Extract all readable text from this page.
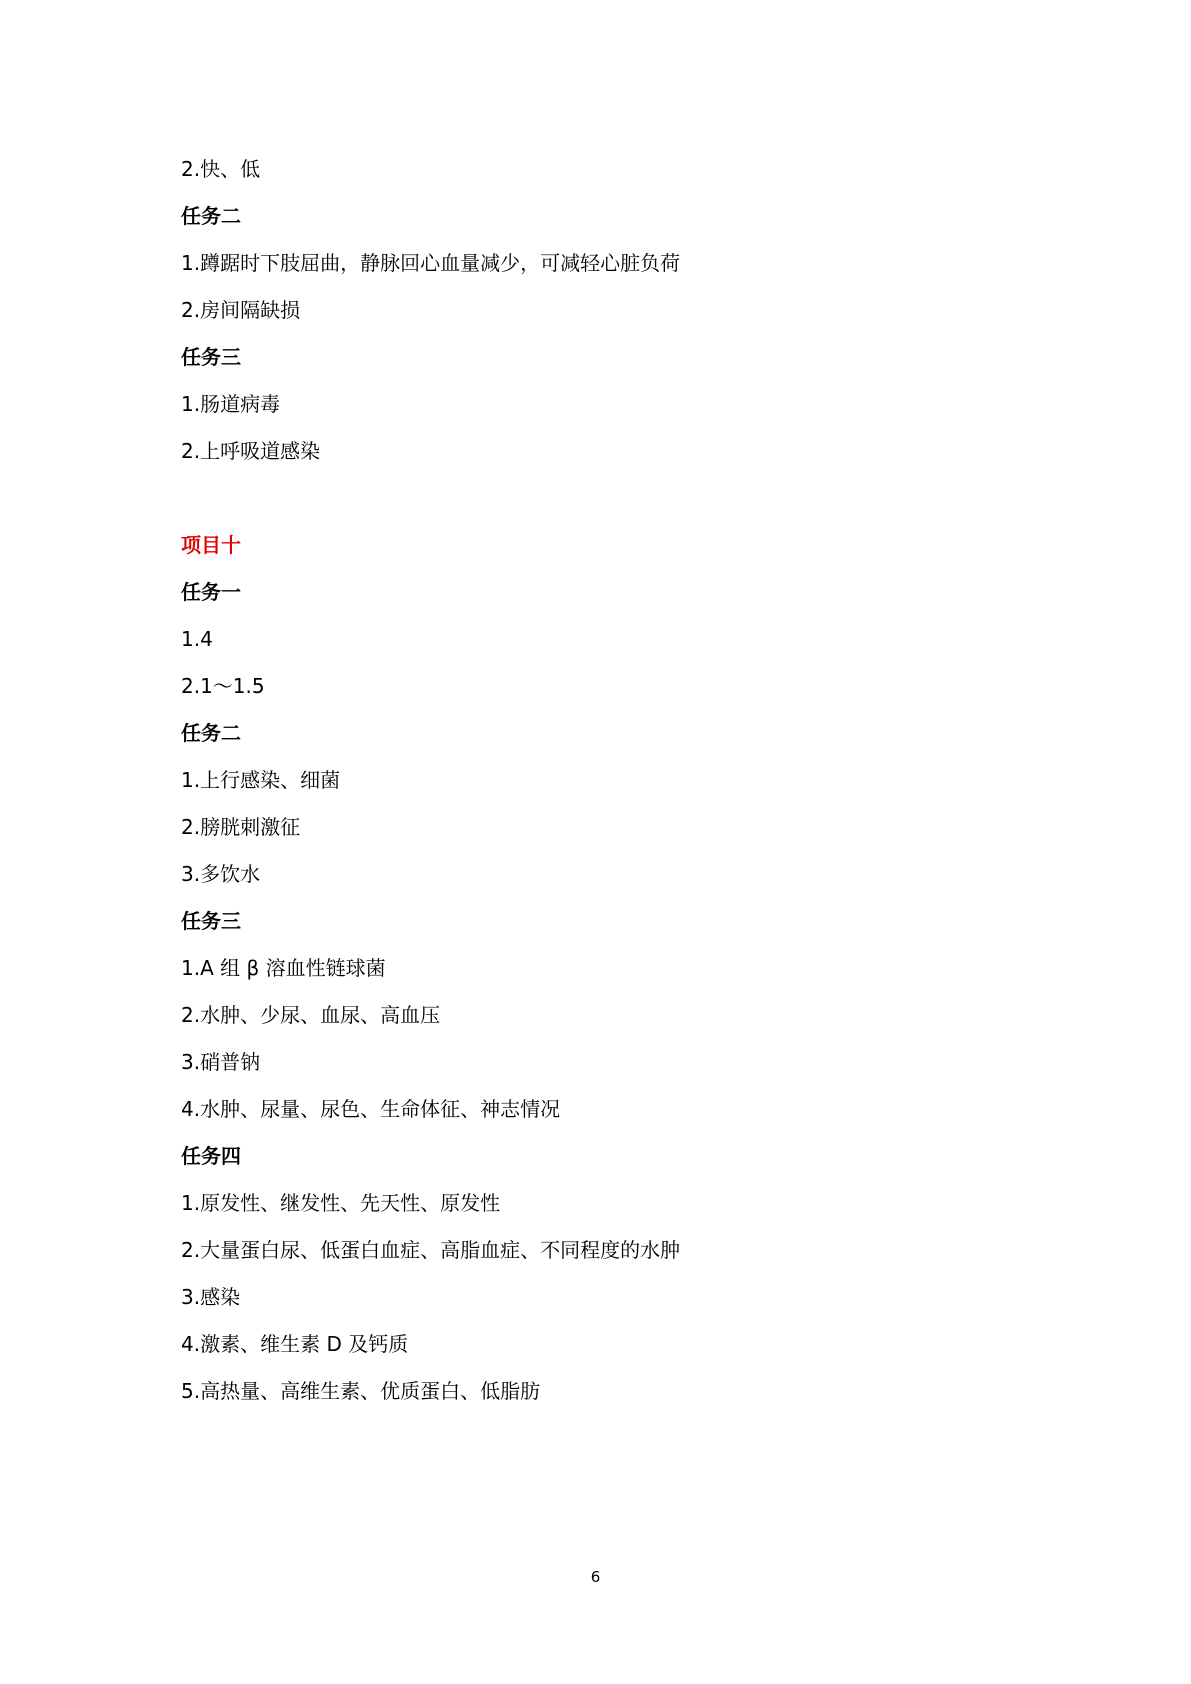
2.快、低
任务二
1.蹲踞时下肢屈曲，静脉回心血量减少，可减轻心脏负荷
2.房间隔缺损
任务三
1.肠道病毒
2.上呼吸道感染
项目十
任务一
1.4
2.1～1.5
任务二
1.上行感染、细菌
2.膀胱刺激征
3.多饮水
任务三
1.A 组 β 溶血性链球菌
2.水肿、少尿、血尿、高血压
3.硝普钠
4.水肿、尿量、尿色、生命体征、神志情况
任务四
1.原发性、继发性、先天性、原发性
2.大量蛋白尿、低蛋白血症、高脂血症、不同程度的水肿
3.感染
4.激素、维生素 D 及钙质
5.高热量、高维生素、优质蛋白、低脂肪
6
